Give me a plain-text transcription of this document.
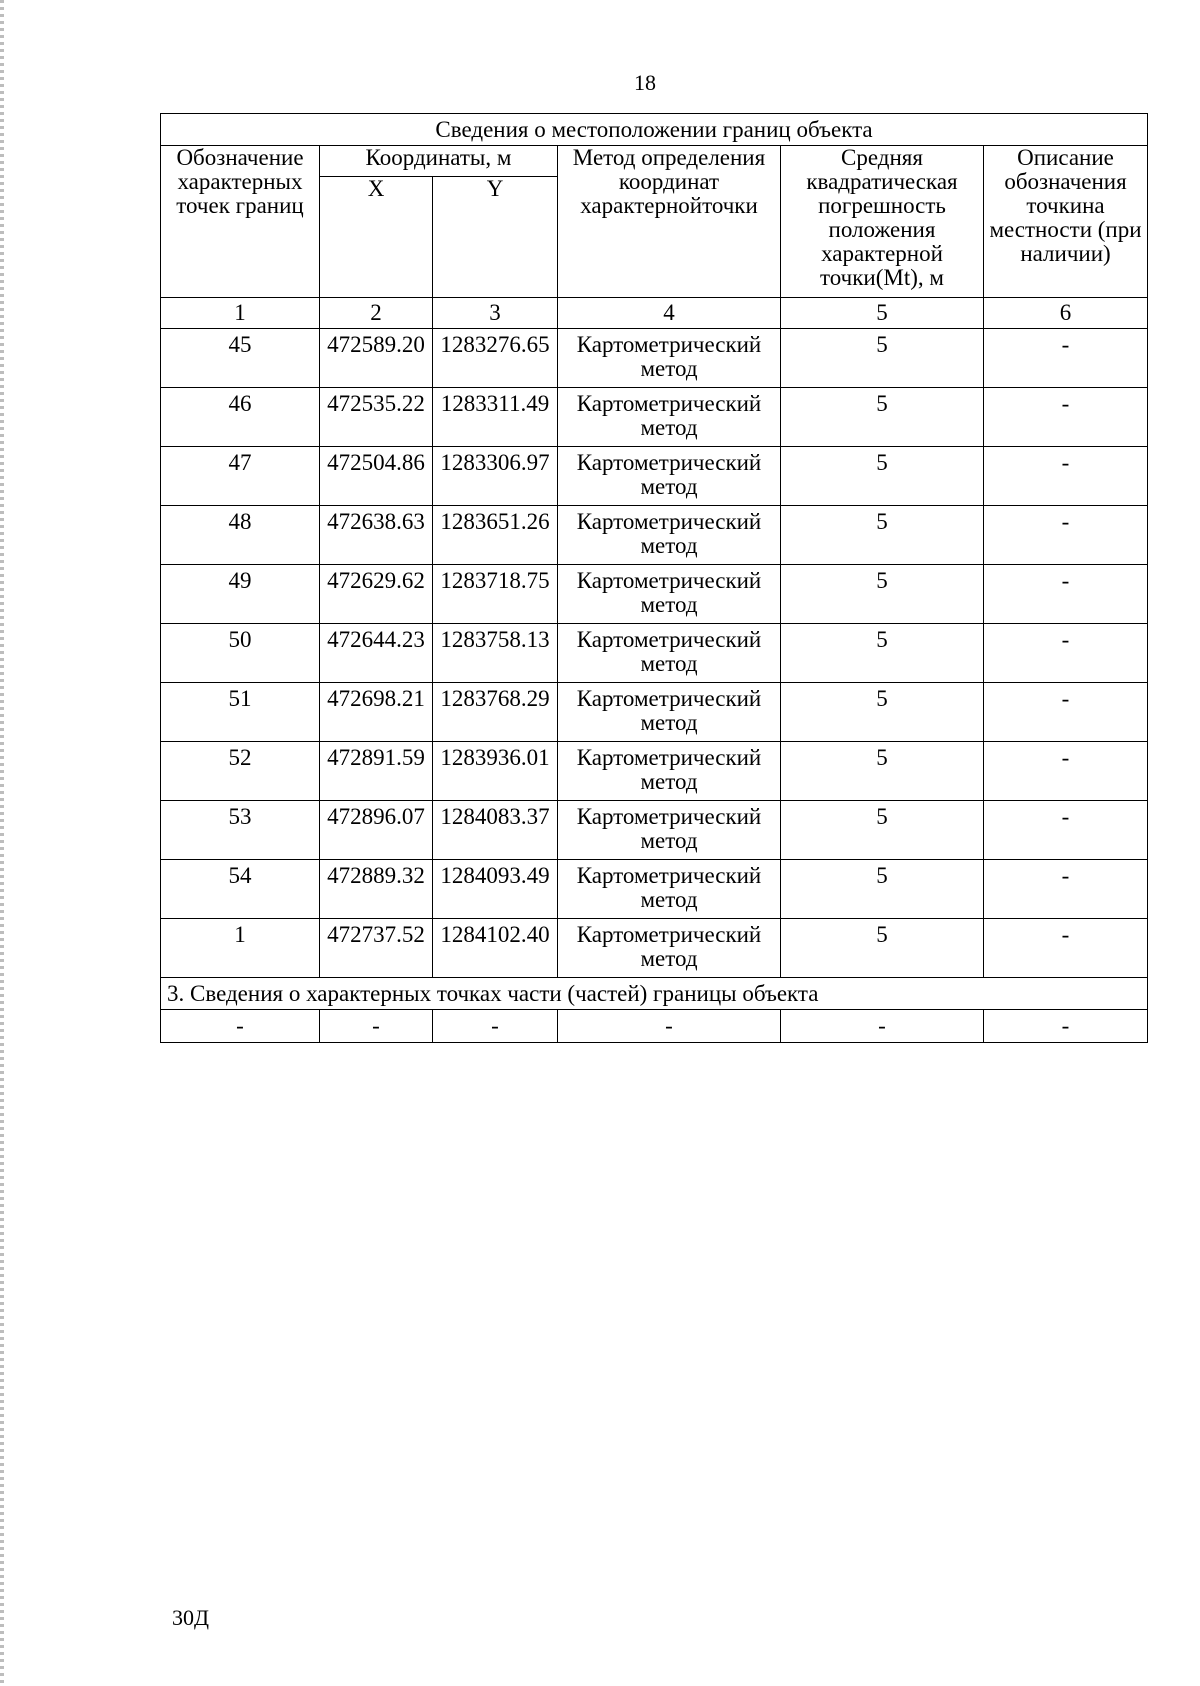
18
Сведения о местоположении границ объекта					
Обозначение характерных точек границ	Координаты, м		Метод определения координат характернойточки	Средняя квадратическая погрешность положения характерной точки(Mt), м	Описание обозначения точкина местности (при наличии)
	X	Y			
1	2	3	4	5	6
45	472589.20	1283276.65	Картометрический метод	5	-
46	472535.22	1283311.49	Картометрический метод	5	-
47	472504.86	1283306.97	Картометрический метод	5	-
48	472638.63	1283651.26	Картометрический метод	5	-
49	472629.62	1283718.75	Картометрический метод	5	-
50	472644.23	1283758.13	Картометрический метод	5	-
51	472698.21	1283768.29	Картометрический метод	5	-
52	472891.59	1283936.01	Картометрический метод	5	-
53	472896.07	1284083.37	Картометрический метод	5	-
54	472889.32	1284093.49	Картометрический метод	5	-
1	472737.52	1284102.40	Картометрический метод	5	-
3. Сведения о характерных точках части (частей) границы объекта					
-	-	-	-	-	-
30Д
